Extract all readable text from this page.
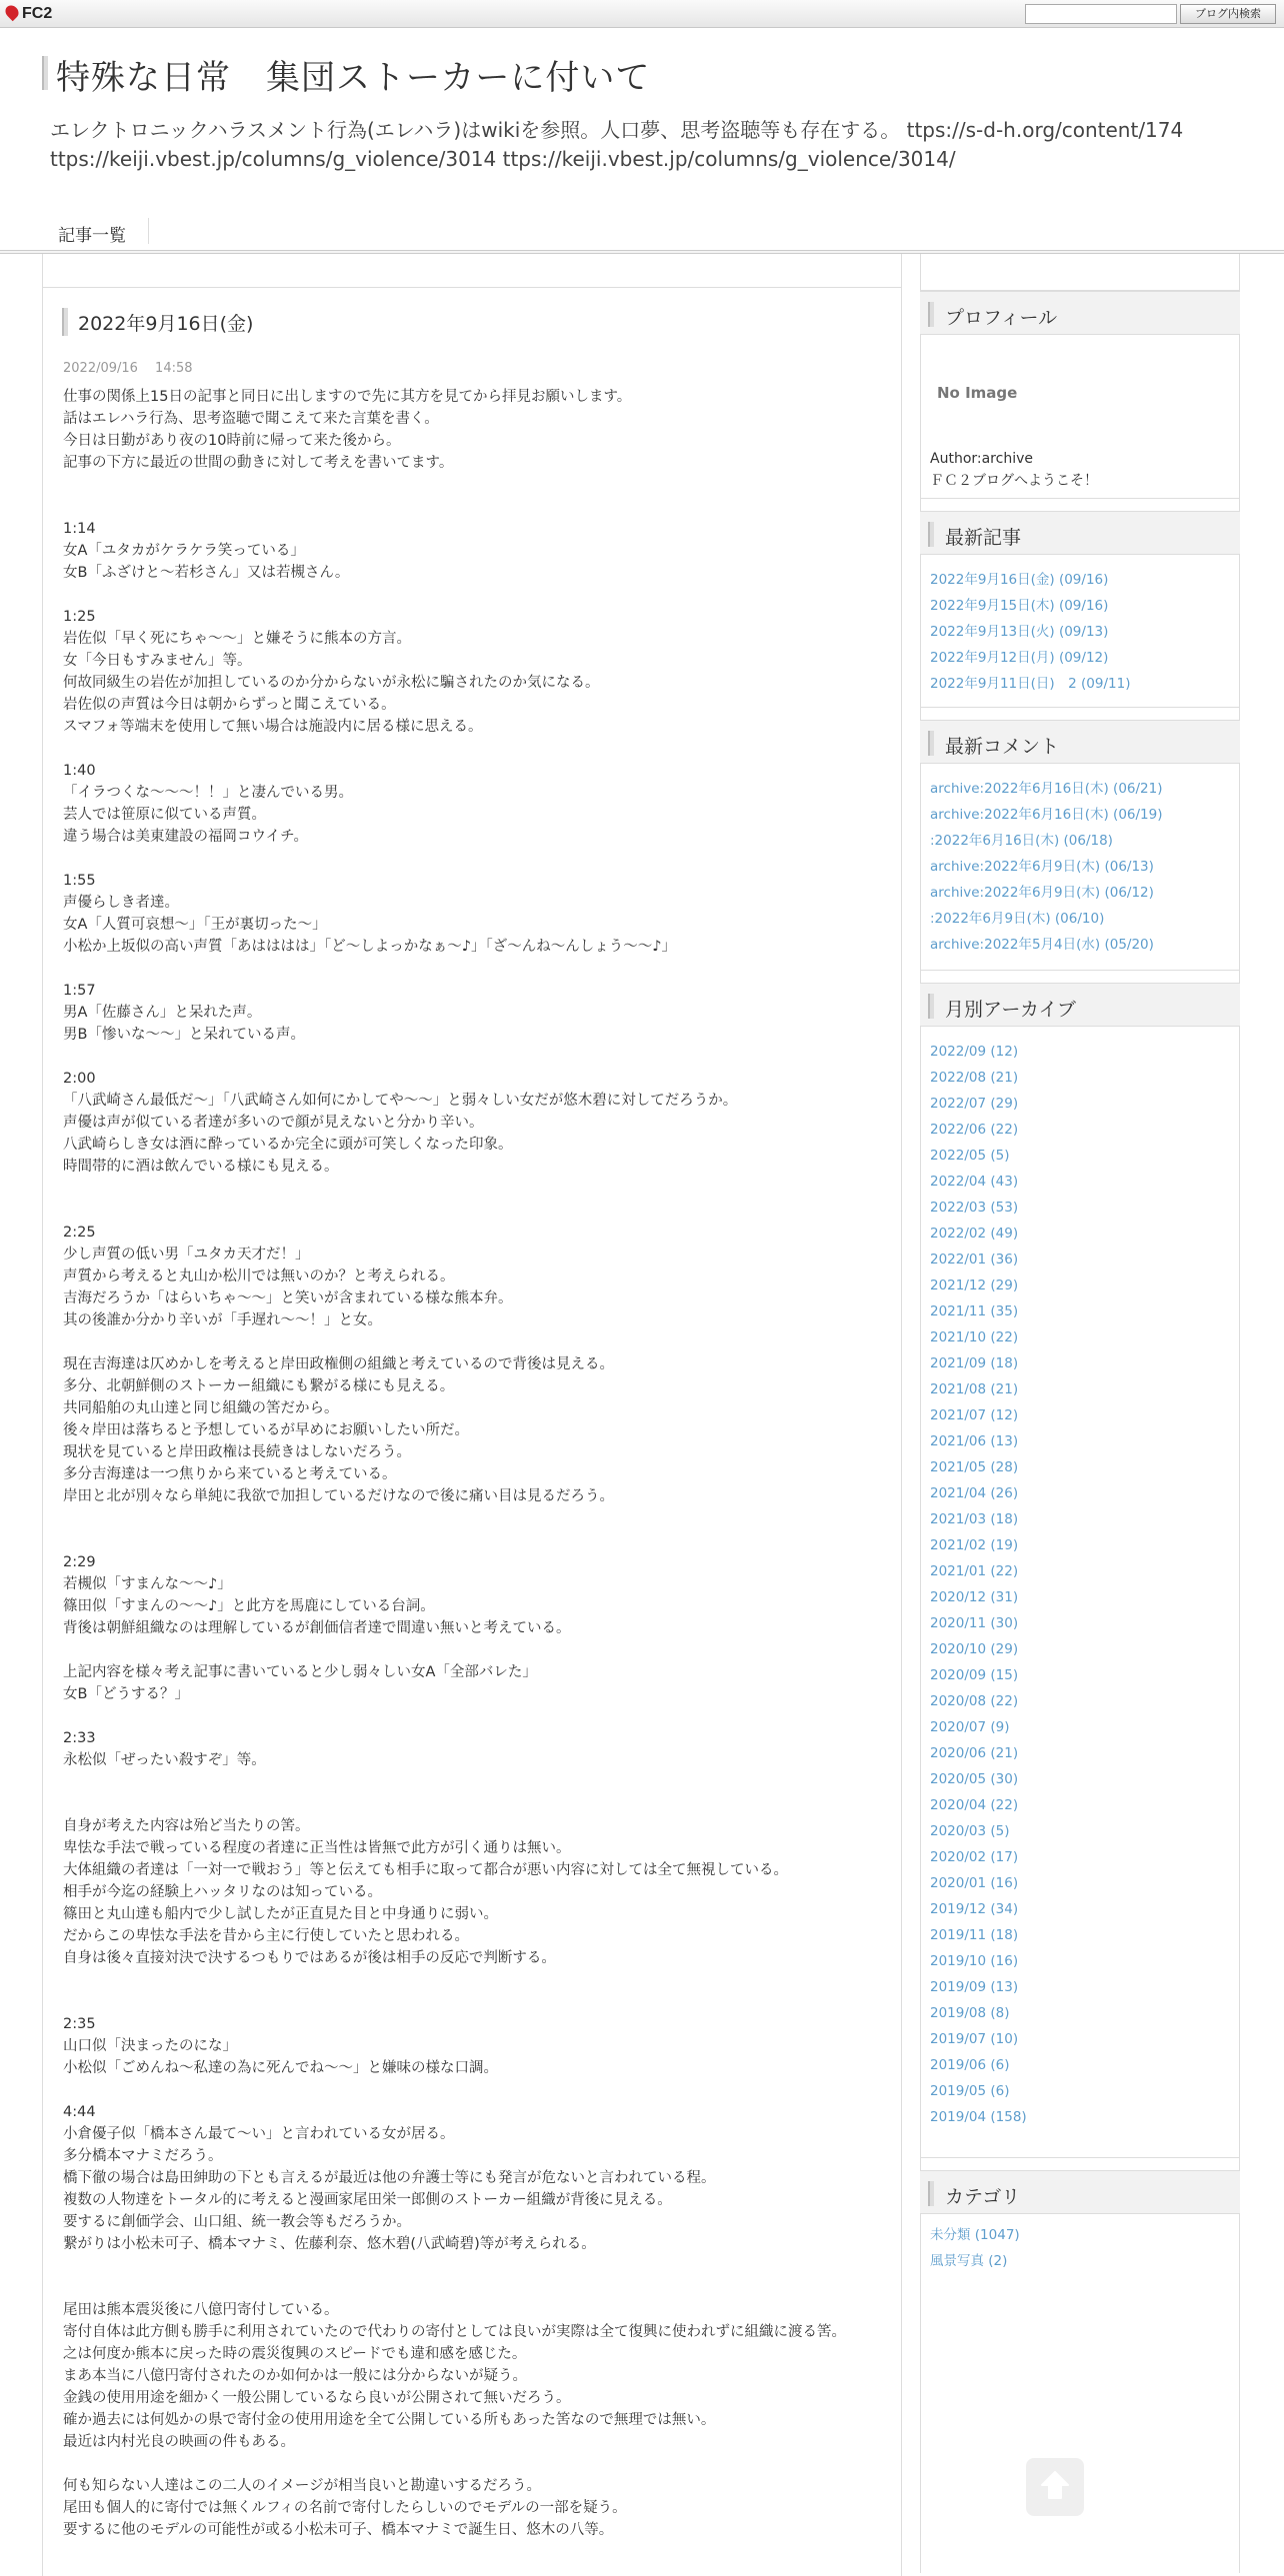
FC2	ブログ内検索
特殊な日常　集団ストーカーに付いて
エレクトロニックハラスメント行為(エレハラ)はwikiを参照。人口夢、思考盗聴等も存在する。 ttps://s-d-h.org/content/174 ttps://keiji.vbest.jp/columns/g_violence/3014 ttps://keiji.vbest.jp/columns/g_violence/3014/
記事一覧
2022年9月16日(金)
2022/09/16　 14:58

仕事の関係上15日の記事と同日に出しますので先に其方を見てから拝見お願いします。
話はエレハラ行為、思考盗聴で聞こえて来た言葉を書く。
今日は日勤があり夜の10時前に帰って来た後から。
記事の下方に最近の世間の動きに対して考えを書いてます。

1:14
女A「ユタカがケラケラ笑っている」
女B「ふざけと～若杉さん」又は若槻さん。

1:25
岩佐似「早く死にちゃ～～」と嫌そうに熊本の方言。
女「今日もすみません」等。
何故同級生の岩佐が加担しているのか分からないが永松に騙されたのか気になる。
岩佐似の声質は今日は朝からずっと聞こえている。
スマフォ等端末を使用して無い場合は施設内に居る様に思える。

1:40
「イラつくな～～～！！」と凄んでいる男。
芸人では笹原に似ている声質。
違う場合は美東建設の福岡コウイチ。

1:55
声優らしき者達。
女A「人質可哀想～」「王が裏切った～」
小松か上坂似の高い声質「あはははは」「ど～しよっかなぁ～♪」「ざ～んね～んしょう～～♪」

1:57
男A「佐藤さん」と呆れた声。
男B「惨いな～～」と呆れている声。

2:00
「八武崎さん最低だ～」「八武崎さん如何にかしてや～～」と弱々しい女だが悠木碧に対してだろうか。
声優は声が似ている者達が多いので顔が見えないと分かり辛い。
八武崎らしき女は酒に酔っているか完全に頭が可笑しくなった印象。
時間帯的に酒は飲んでいる様にも見える。

2:25
少し声質の低い男「ユタカ天才だ！」
声質から考えると丸山か松川では無いのか？と考えられる。
吉海だろうか「はらいちゃ～～」と笑いが含まれている様な熊本弁。
其の後誰か分かり辛いが「手遅れ～～！」と女。

現在吉海達は仄めかしを考えると岸田政権側の組織と考えているので背後は見える。
多分、北朝鮮側のストーカー組織にも繋がる様にも見える。
共同船舶の丸山達と同じ組織の筈だから。
後々岸田は落ちると予想しているが早めにお願いしたい所だ。
現状を見ていると岸田政権は長続きはしないだろう。
多分吉海達は一つ焦りから来ていると考えている。
岸田と北が別々なら単純に我欲で加担しているだけなので後に痛い目は見るだろう。

2:29
若槻似「すまんな～～♪」
篠田似「すまんの～～♪」と此方を馬鹿にしている台詞。
背後は朝鮮組織なのは理解しているが創価信者達で間違い無いと考えている。

上記内容を様々考え記事に書いていると少し弱々しい女A「全部バレた」
女B「どうする？」

2:33
永松似「ぜったい殺すぞ」等。

自身が考えた内容は殆ど当たりの筈。
卑怯な手法で戦っている程度の者達に正当性は皆無で此方が引く通りは無い。
大体組織の者達は「一対一で戦おう」等と伝えても相手に取って都合が悪い内容に対しては全て無視している。
相手が今迄の経験上ハッタリなのは知っている。
篠田と丸山達も船内で少し試したが正直見た目と中身通りに弱い。
だからこの卑怯な手法を昔から主に行使していたと思われる。
自身は後々直接対決で決するつもりではあるが後は相手の反応で判断する。

2:35
山口似「決まったのにな」
小松似「ごめんね～私達の為に死んでね～～」と嫌味の様な口調。

4:44
小倉優子似「橋本さん最て～い」と言われている女が居る。
多分橋本マナミだろう。
橋下徹の場合は島田紳助の下とも言えるが最近は他の弁護士等にも発言が危ないと言われている程。
複数の人物達をトータル的に考えると漫画家尾田栄一郎側のストーカー組織が背後に見える。
要するに創価学会、山口組、統一教会等もだろうか。
繋がりは小松未可子、橋本マナミ、佐藤利奈、悠木碧(八武崎碧)等が考えられる。

尾田は熊本震災後に八億円寄付している。
寄付自体は此方側も勝手に利用されていたので代わりの寄付としては良いが実際は全て復興に使われずに組織に渡る筈。
之は何度か熊本に戻った時の震災復興のスピードでも違和感を感じた。
まあ本当に八億円寄付されたのか如何かは一般には分からないが疑う。
金銭の使用用途を細かく一般公開しているなら良いが公開されて無いだろう。
確か過去には何処かの県で寄付金の使用用途を全て公開している所もあった筈なので無理では無い。
最近は内村光良の映画の件もある。

何も知らない人達はこの二人のイメージが相当良いと勘違いするだろう。
尾田も個人的に寄付では無くルフィの名前で寄付したらしいのでモデルの一部を疑う。
要するに他のモデルの可能性が或る小松未可子、橋本マナミで誕生日、悠木の八等。

プロフィール
No Image
Author:archive
ＦＣ２ブログへようこそ！
最新記事
2022年9月16日(金) (09/16)
2022年9月15日(木) (09/16)
2022年9月13日(火) (09/13)
2022年9月12日(月) (09/12)
2022年9月11日(日)　2 (09/11)
最新コメント
archive:2022年6月16日(木) (06/21)
archive:2022年6月16日(木) (06/19)
:2022年6月16日(木) (06/18)
archive:2022年6月9日(木) (06/13)
archive:2022年6月9日(木) (06/12)
:2022年6月9日(木) (06/10)
archive:2022年5月4日(水) (05/20)
月別アーカイブ
2022/09 (12)
2022/08 (21)
2022/07 (29)
2022/06 (22)
2022/05 (5)
2022/04 (43)
2022/03 (53)
2022/02 (49)
2022/01 (36)
2021/12 (29)
2021/11 (35)
2021/10 (22)
2021/09 (18)
2021/08 (21)
2021/07 (12)
2021/06 (13)
2021/05 (28)
2021/04 (26)
2021/03 (18)
2021/02 (19)
2021/01 (22)
2020/12 (31)
2020/11 (30)
2020/10 (29)
2020/09 (15)
2020/08 (22)
2020/07 (9)
2020/06 (21)
2020/05 (30)
2020/04 (22)
2020/03 (5)
2020/02 (17)
2020/01 (16)
2019/12 (34)
2019/11 (18)
2019/10 (16)
2019/09 (13)
2019/08 (8)
2019/07 (10)
2019/06 (6)
2019/05 (6)
2019/04 (158)
カテゴリ
未分類 (1047)
風景写真 (2)
